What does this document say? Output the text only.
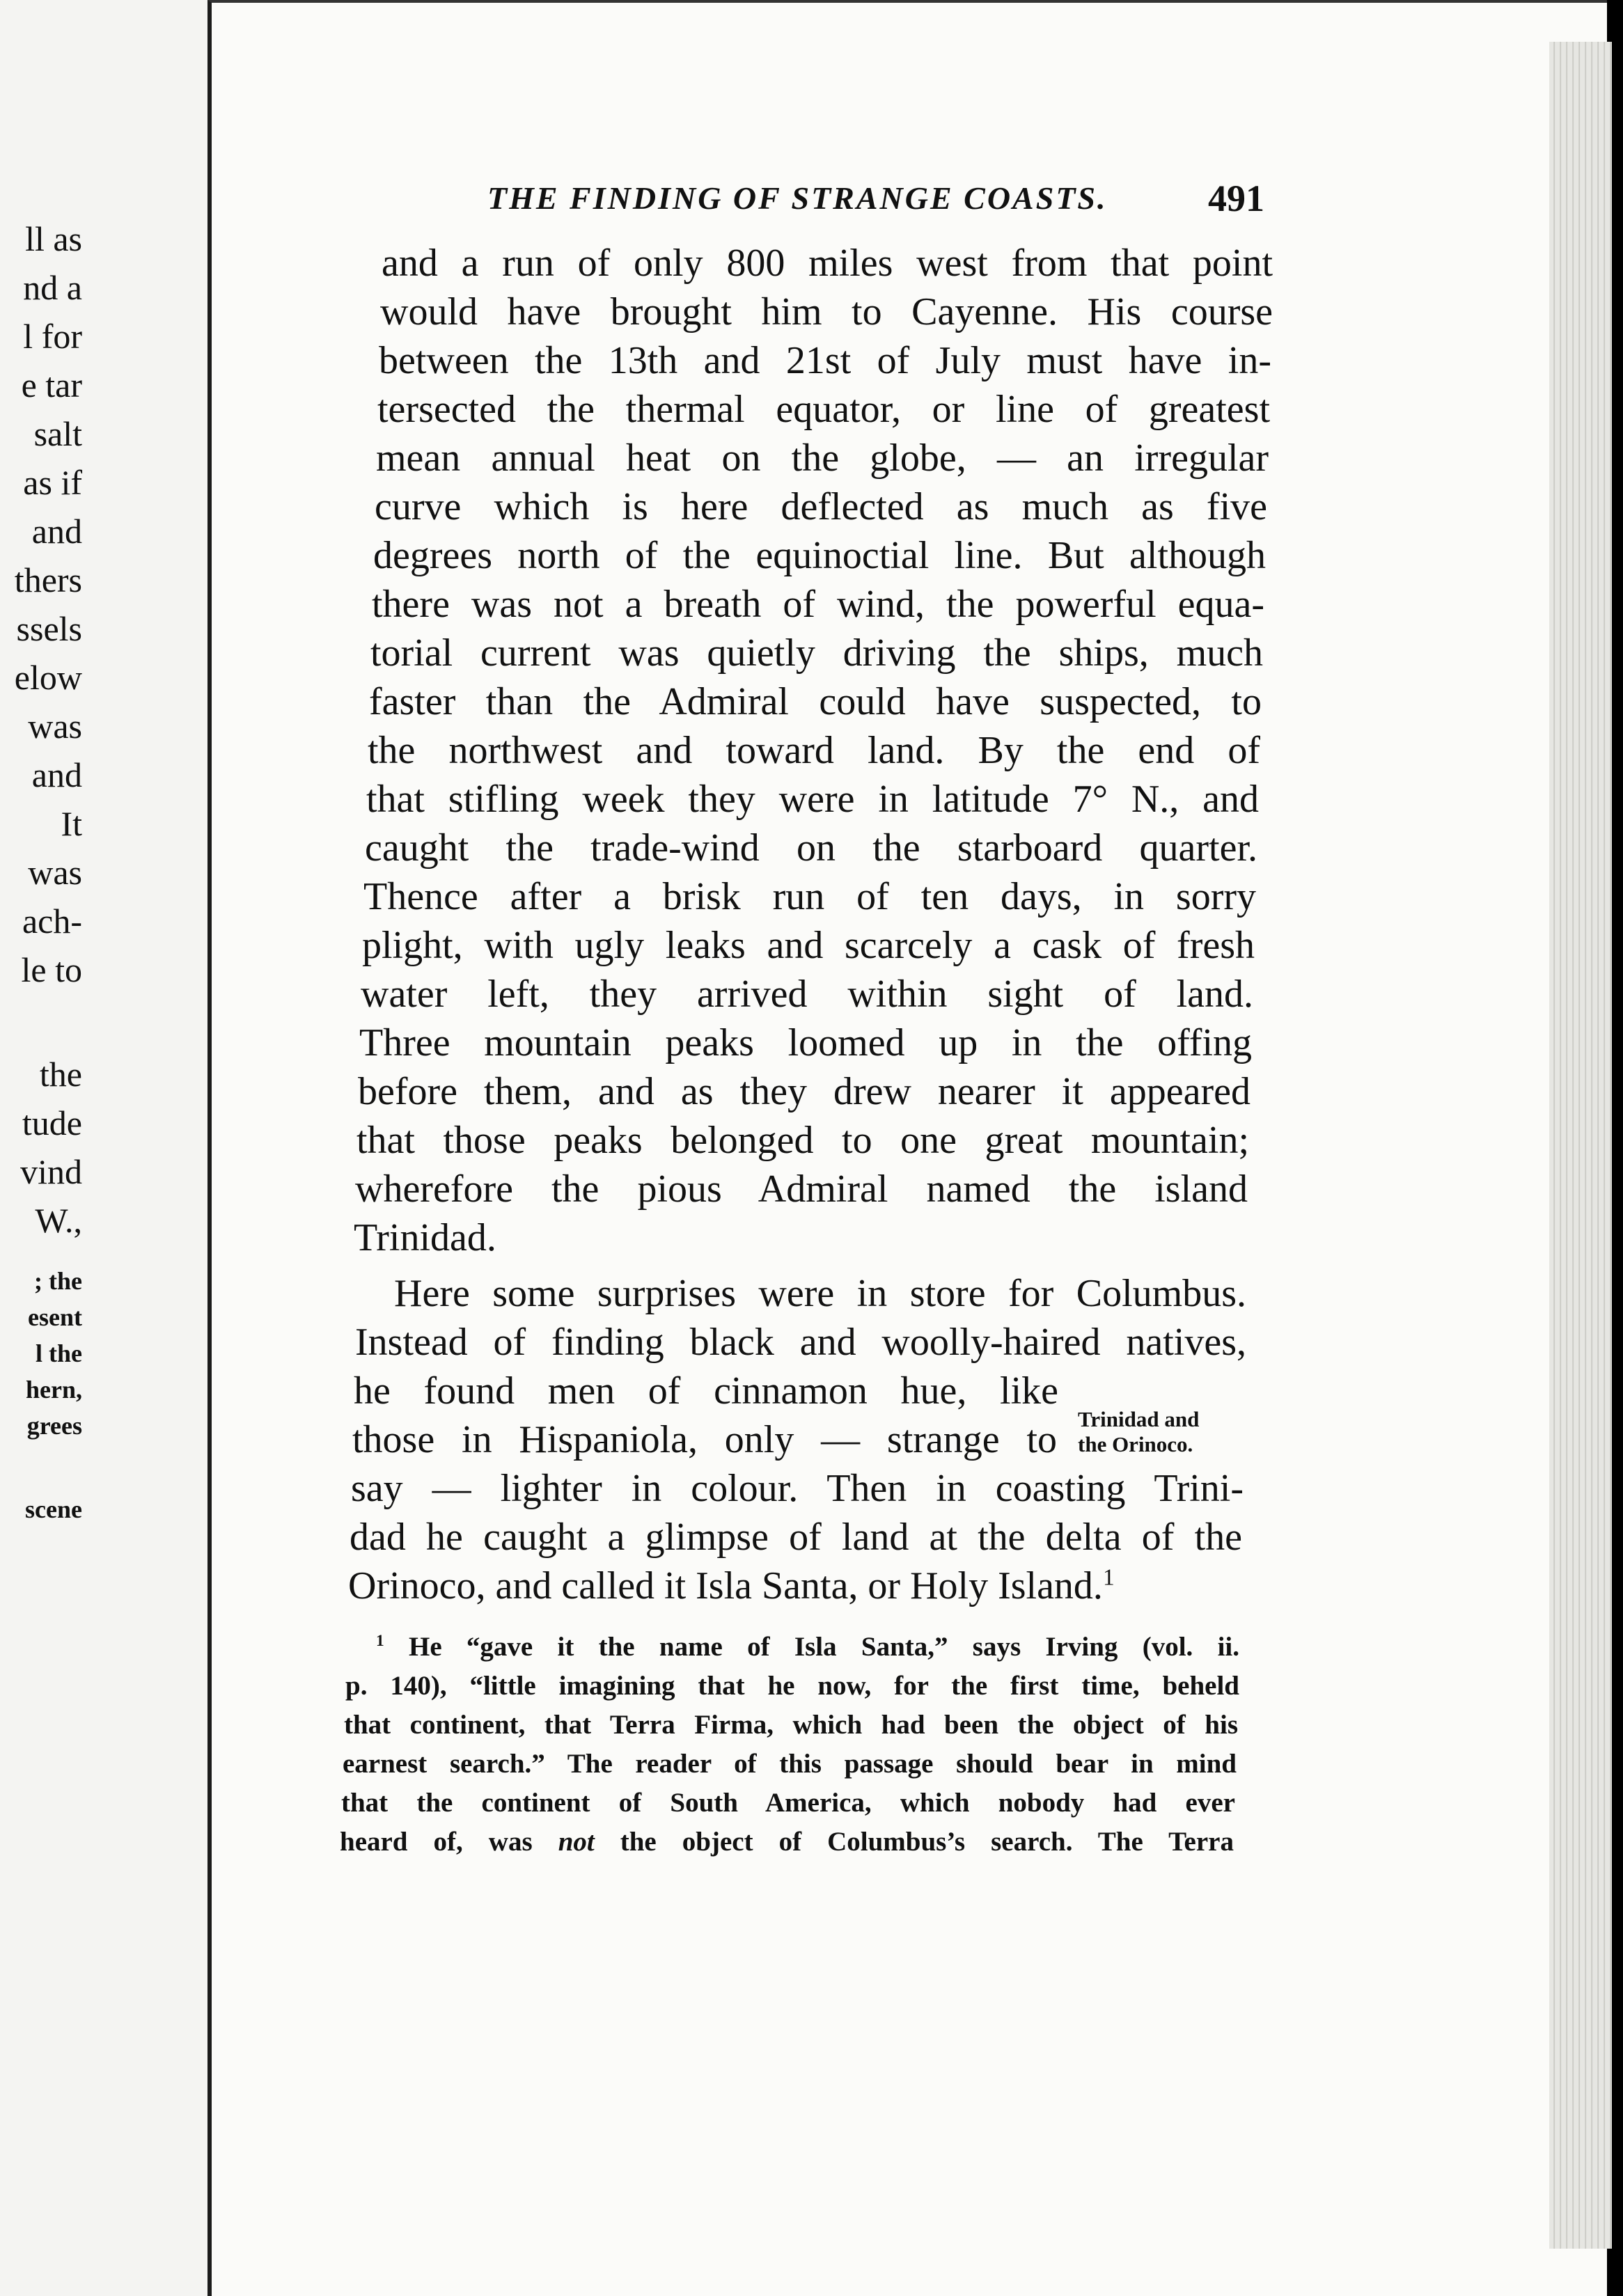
ll as
nd a
l for
e tar
salt
as if
and
thers
ssels
elow
was
and
It
was
ach-
le to
the
tude
vind
W.,
; the
esent
l the
hern,
grees
scene
THE FINDING OF STRANGE COASTS.	491
and a run of only 800 miles west from that point
would have brought him to Cayenne. His course
between the 13th and 21st of July must have in-
tersected the thermal equator, or line of greatest
mean annual heat on the globe, — an irregular
curve which is here deflected as much as five
degrees north of the equinoctial line. But although
there was not a breath of wind, the powerful equa-
torial current was quietly driving the ships, much
faster than the Admiral could have suspected, to
the northwest and toward land. By the end of
that stifling week they were in latitude 7° N., and
caught the trade-wind on the starboard quarter.
Thence after a brisk run of ten days, in sorry
plight, with ugly leaks and scarcely a cask of fresh
water left, they arrived within sight of land.
Three mountain peaks loomed up in the offing
before them, and as they drew nearer it appeared
that those peaks belonged to one great mountain;
wherefore the pious Admiral named the island
Trinidad.
Here some surprises were in store for Columbus.
Instead of finding black and woolly-haired natives,
he found men of cinnamon hue, like
those in Hispaniola, only — strange to
say — lighter in colour. Then in coasting Trini-
dad he caught a glimpse of land at the delta of the
Orinoco, and called it Isla Santa, or Holy Island.$^1$
Trinidad and
the Orinoco.
$^1$ He “gave it the name of Isla Santa,” says Irving (vol. ii.
p. 140), “little imagining that he now, for the first time, beheld
that continent, that Terra Firma, which had been the object of his
earnest search.” The reader of this passage should bear in mind
that the continent of South America, which nobody had ever
heard of, was not the object of Columbus’s search. The Terra
